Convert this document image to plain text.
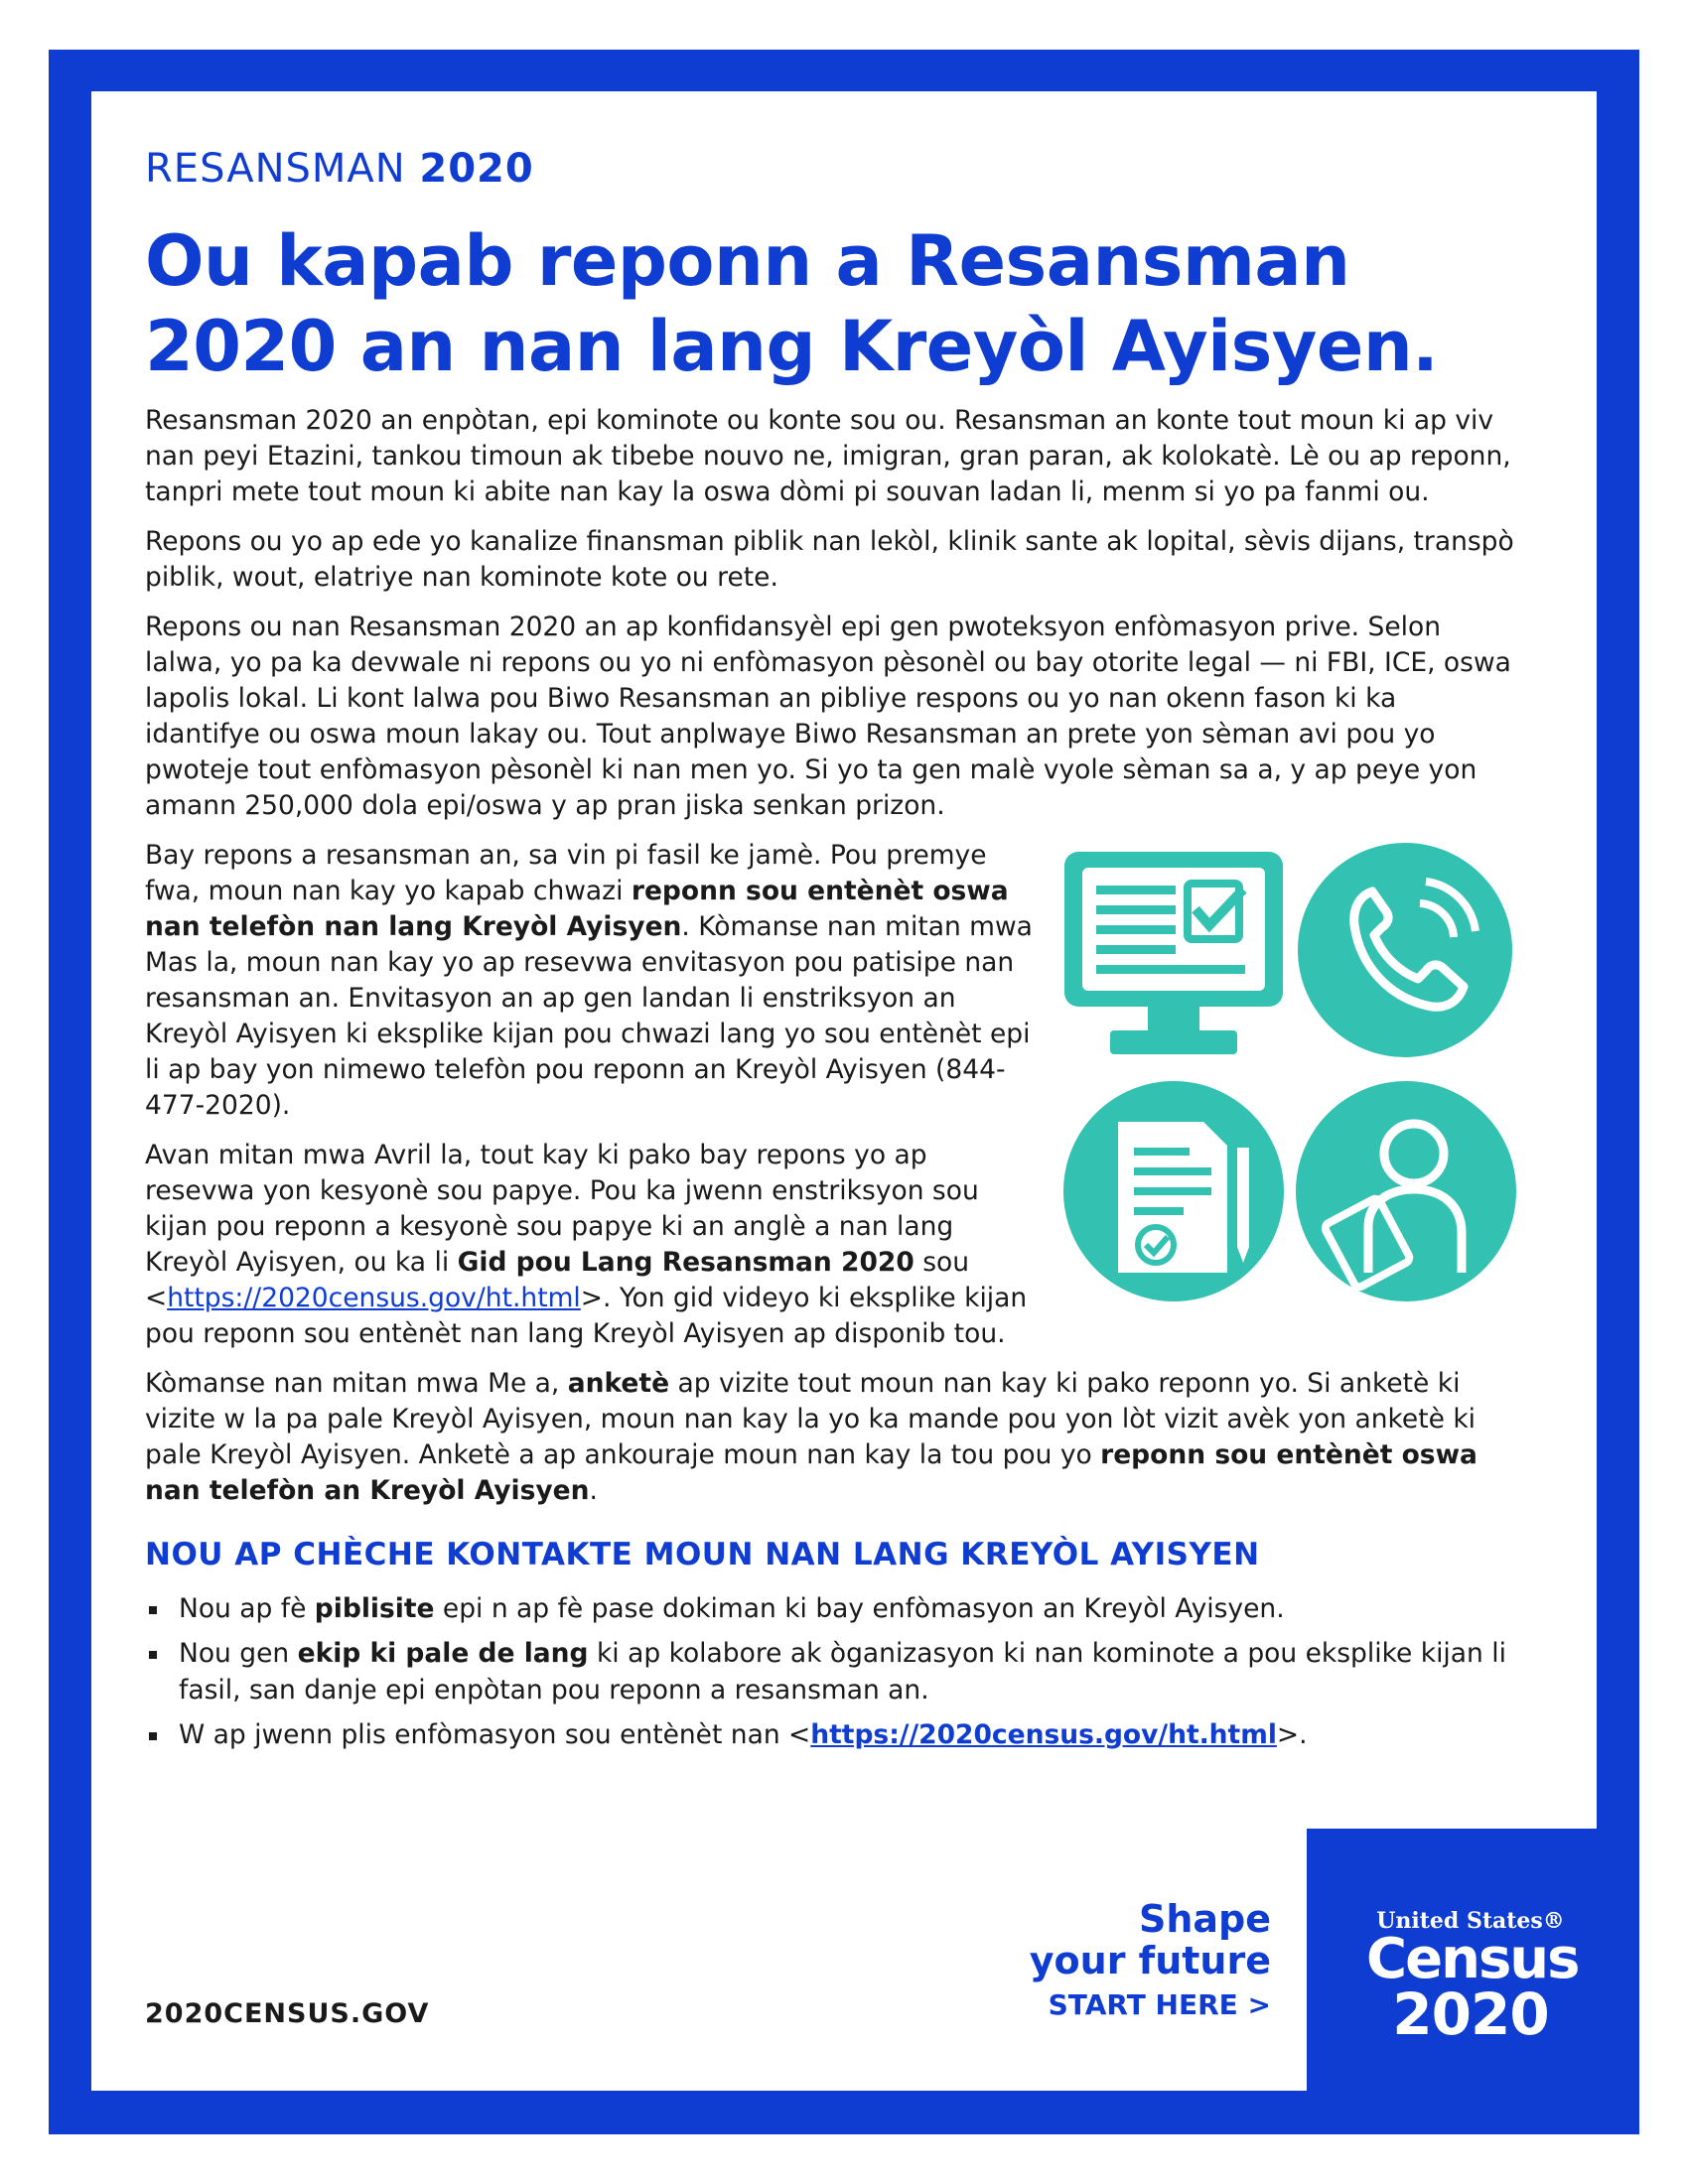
RESANSMAN 2020

Ou kapab reponn a Resansman 2020 an nan lang Kreyòl Ayisyen.

Resansman 2020 an enpòtan, epi kominote ou konte sou ou. Resansman an konte tout moun ki ap viv nan peyi Etazini, tankou timoun ak tibebe nouvo ne, imigran, gran paran, ak kolokatè. Lè ou ap reponn, tanpri mete tout moun ki abite nan kay la oswa dòmi pi souvan ladan li, menm si yo pa fanmi ou.

Repons ou yo ap ede yo kanalize finansman piblik nan lekòl, klinik sante ak lopital, sèvis dijans, transpò piblik, wout, elatriye nan kominote kote ou rete.

Repons ou nan Resansman 2020 an ap konfidansyèl epi gen pwoteksyon enfòmasyon prive. Selon lalwa, yo pa ka devwale ni repons ou yo ni enfòmasyon pèsonèl ou bay otorite legal — ni FBI, ICE, oswa lapolis lokal. Li kont lalwa pou Biwo Resansman an pibliye respons ou yo nan okenn fason ki ka idantifye ou oswa moun lakay ou. Tout anplwaye Biwo Resansman an prete yon sèman avi pou yo pwoteje tout enfòmasyon pèsonèl ki nan men yo. Si yo ta gen malè vyole sèman sa a, y ap peye yon amann 250,000 dola epi/oswa y ap pran jiska senkan prizon.

Bay repons a resansman an, sa vin pi fasil ke jamè. Pou premye fwa, moun nan kay yo kapab chwazi reponn sou entènèt oswa nan telefòn nan lang Kreyòl Ayisyen. Kòmanse nan mitan mwa Mas la, moun nan kay yo ap resevwa envitasyon pou patisipe nan resansman an. Envitasyon an ap gen landan li enstriksyon an Kreyòl Ayisyen ki eksplike kijan pou chwazi lang yo sou entènèt epi li ap bay yon nimewo telefòn pou reponn an Kreyòl Ayisyen (844-477-2020).

Avan mitan mwa Avril la, tout kay ki pako bay repons yo ap resevwa yon kesyonè sou papye. Pou ka jwenn enstriksyon sou kijan pou reponn a kesyonè sou papye ki an anglè a nan lang Kreyòl Ayisyen, ou ka li Gid pou Lang Resansman 2020 sou <https://2020census.gov/ht.html>. Yon gid videyo ki eksplike kijan pou reponn sou entènèt nan lang Kreyòl Ayisyen ap disponib tou.

Kòmanse nan mitan mwa Me a, anketè ap vizite tout moun nan kay ki pako reponn yo. Si anketè ki vizite w la pa pale Kreyòl Ayisyen, moun nan kay la yo ka mande pou yon lòt vizit avèk yon anketè ki pale Kreyòl Ayisyen. Anketè a ap ankouraje moun nan kay la tou pou yo reponn sou entènèt oswa nan telefòn an Kreyòl Ayisyen.

NOU AP CHÈCHE KONTAKTE MOUN NAN LANG KREYÒL AYISYEN
Nou ap fè piblisite epi n ap fè pase dokiman ki bay enfòmasyon an Kreyòl Ayisyen.
Nou gen ekip ki pale de lang ki ap kolabore ak òganizasyon ki nan kominote a pou eksplike kijan li fasil, san danje epi enpòtan pou reponn a resansman an.
W ap jwenn plis enfòmasyon sou entènèt nan <https://2020census.gov/ht.html>.
2020CENSUS.GOV
Shape
your future
START HERE >
United States®
Census
2020
